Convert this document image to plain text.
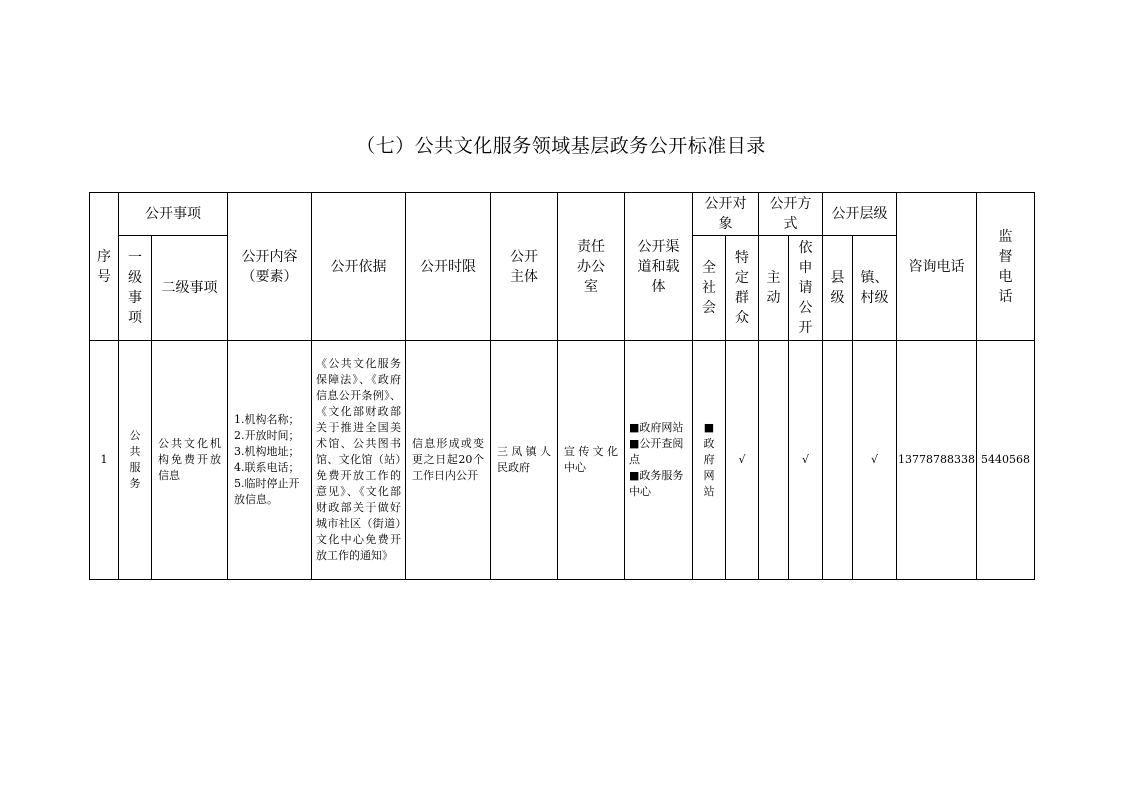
（七）公共文化服务领域基层政务公开标准目录
序号	公开事项		公开内容（要素）	公开依据	公开时限	公开主体	责任办公室	公开渠道和载体	公开对象		公开方式		公开层级		咨询电话	监督电话

	一级事项	二级事项							全社会	特定群众	主动	依申请公开	县级	镇、村级		

1	公共服务	公共文化机构免费开放信息	1.机构名称；
2.开放时间；
3.机构地址；
4.联系电话；
5.临时停止开放信息。	《公共文化服务保障法》、《政府信息公开条例》、《文化部财政部关于推进全国美术馆、公共图书馆、文化馆（站）免费开放工作的意见》、《文化部财政部关于做好城市社区（街道）文化中心免费开放工作的通知》	信息形成或变更之日起20个工作日内公开	三凤镇人民政府	宣传文化中心	■政府网站
■公开查阅点
■政务服务中心	■政府网站	√		√		√	13778788338	5440568
